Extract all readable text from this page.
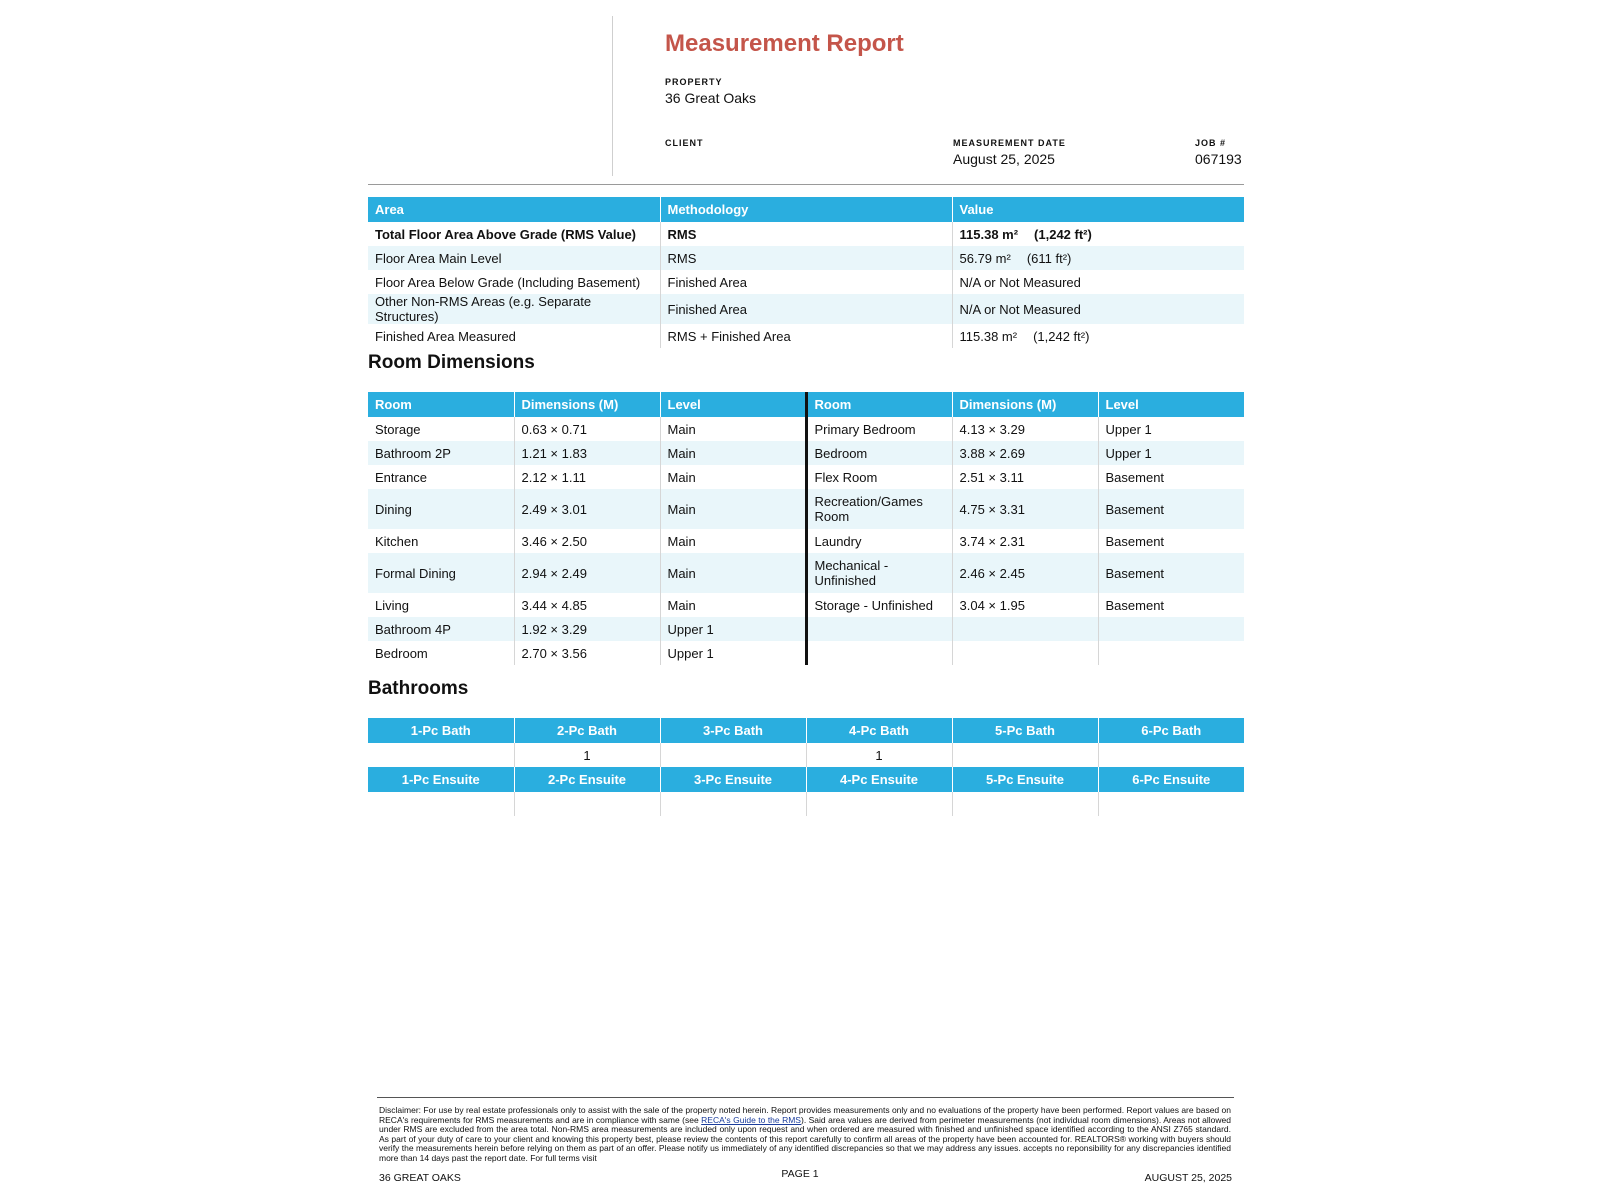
Measurement Report
PROPERTY
36 Great Oaks
CLIENT	MEASUREMENT DATE
August 25, 2025
JOB #
067193
Area	Methodology	Value
Total Floor Area Above Grade (RMS Value)	RMS	115.38 m² (1,242 ft²)
Floor Area Main Level	RMS	56.79 m² (611 ft²)
Floor Area Below Grade (Including Basement)	Finished Area	N/A or Not Measured
Other Non-RMS Areas (e.g. Separate Structures)	Finished Area	N/A or Not Measured
Finished Area Measured	RMS + Finished Area	115.38 m² (1,242 ft²)
Room Dimensions
Room	Dimensions (M)	Level	Room	Dimensions (M)	Level
Storage	0.63 × 0.71	Main	Primary Bedroom	4.13 × 3.29	Upper 1
Bathroom 2P	1.21 × 1.83	Main	Bedroom	3.88 × 2.69	Upper 1
Entrance	2.12 × 1.11	Main	Flex Room	2.51 × 3.11	Basement
Dining	2.49 × 3.01	Main	Recreation/Games Room	4.75 × 3.31	Basement
Kitchen	3.46 × 2.50	Main	Laundry	3.74 × 2.31	Basement
Formal Dining	2.94 × 2.49	Main	Mechanical - Unfinished	2.46 × 2.45	Basement
Living	3.44 × 4.85	Main	Storage - Unfinished	3.04 × 1.95	Basement
Bathroom 4P	1.92 × 3.29	Upper 1			
Bedroom	2.70 × 3.56	Upper 1			
Bathrooms
1-Pc Bath	2-Pc Bath	3-Pc Bath	4-Pc Bath	5-Pc Bath	6-Pc Bath
	1		1		
1-Pc Ensuite	2-Pc Ensuite	3-Pc Ensuite	4-Pc Ensuite	5-Pc Ensuite	6-Pc Ensuite

Disclaimer: For use by real estate professionals only to assist with the sale of the property noted herein. Report provides measurements only and no evaluations of the property have been performed. Report values are based on RECA's requirements for RMS measurements and are in compliance with same (see RECA's Guide to the RMS). Said area values are derived from perimeter measurements (not individual room dimensions). Areas not allowed under RMS are excluded from the area total. Non-RMS area measurements are included only upon request and when ordered are measured with finished and unfinished space identified according to the ANSI Z765 standard. As part of your duty of care to your client and knowing this property best, please review the contents of this report carefully to confirm all areas of the property have been accounted for. REALTORS® working with buyers should verify the measurements herein before relying on them as part of an offer. Please notify us immediately of any identified discrepancies so that we may address any issues. accepts no reponsibility for any discrepancies identified more than 14 days past the report date. For full terms visit

36 GREAT OAKS	PAGE 1	AUGUST 25, 2025
